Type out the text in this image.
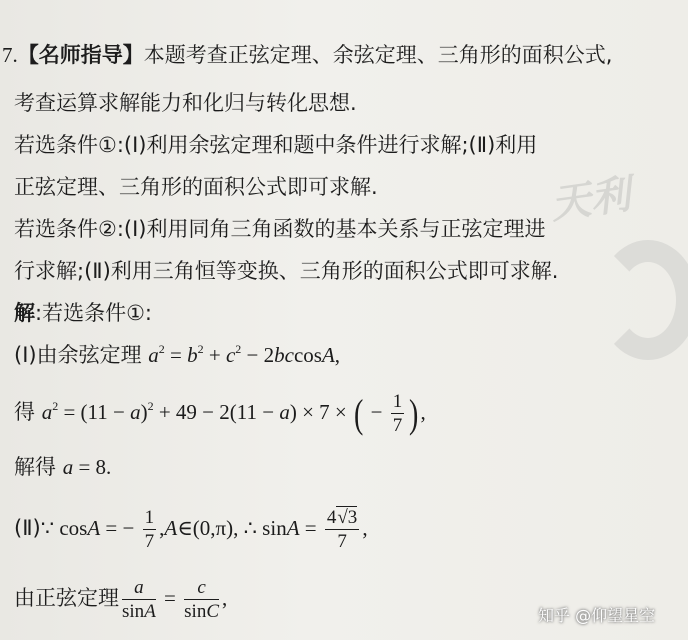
天利
7.【名师指导】本题考查正弦定理、余弦定理、三角形的面积公式,
考查运算求解能力和化归与转化思想.
若选条件①:(Ⅰ)利用余弦定理和题中条件进行求解;(Ⅱ)利用
正弦定理、三角形的面积公式即可求解.
若选条件②:(Ⅰ)利用同角三角函数的基本关系与正弦定理进
行求解;(Ⅱ)利用三角恒等变换、三角形的面积公式即可求解.
解:若选条件①:
(Ⅰ)由余弦定理 $a^2 = b^2 + c^2 - 2bccosA$,
得 $a^2 = (11 - a)^2 + 49 - 2(11 - a) \times 7$ × ( − $\frac{1}{7}$ ),
解得 a = 8.
(Ⅱ)∵ cosA = − $\frac{1}{7}$ ,A∈(0,π), ∴ $\sin A = \frac{4√3}{7}$ ,
由正弦定理 $\frac{a}{\sin A} = \frac{c}{\sin C}$ ,
知乎 @仰望星空
